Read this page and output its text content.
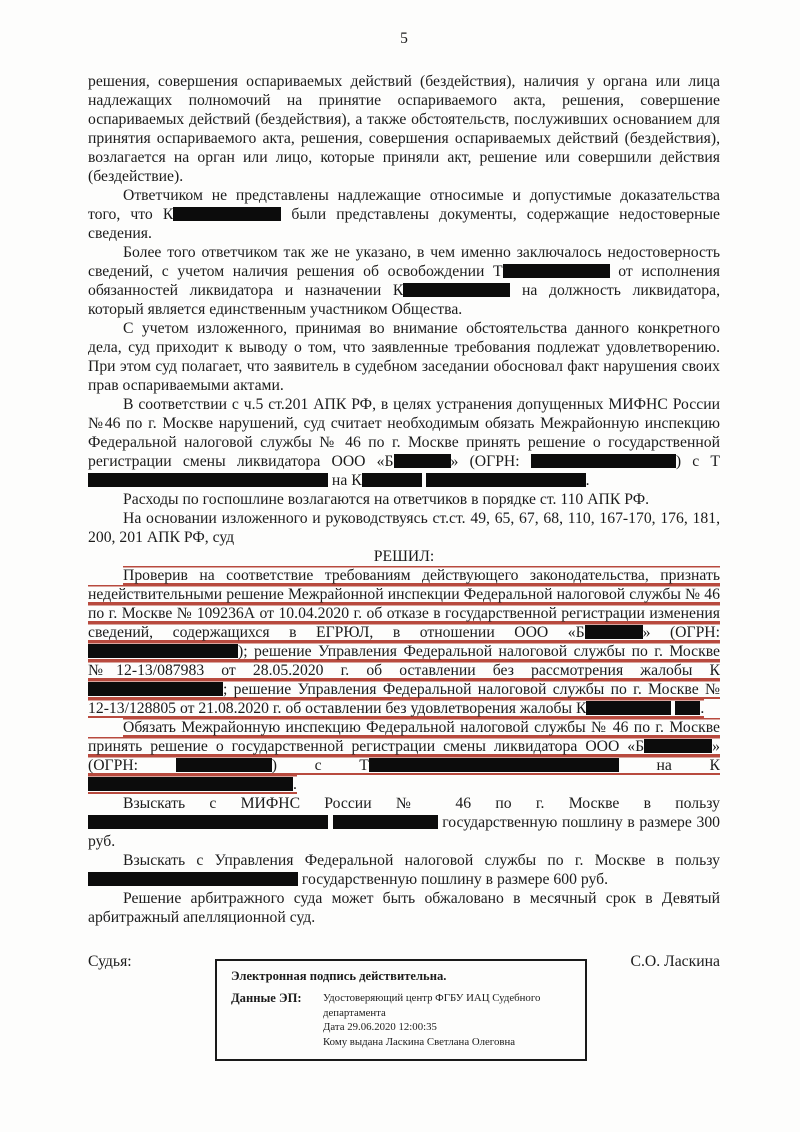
5

решения, совершения оспариваемых действий (бездействия), наличия у органа или лица надлежащих полномочий на принятие оспариваемого акта, решения, совершение оспариваемых действий (бездействия), а также обстоятельств, послуживших основанием для принятия оспариваемого акта, решения, совершения оспариваемых действий (бездействия), возлагается на орган или лицо, которые приняли акт, решение или совершили действия (бездействие).

Ответчиком не представлены надлежащие относимые и допустимые доказательства того, что К	были представлены документы, содержащие недостоверные сведения.

Более того ответчиком так же не указано, в чем именно заключалось недостоверность сведений, с учетом наличия решения об освобождении Т	от исполнения обязанностей ликвидатора и назначении К	на должность ликвидатора, который является единственным участником Общества.

С учетом изложенного, принимая во внимание обстоятельства данного конкретного дела, суд приходит к выводу о том, что заявленные требования подлежат удовлетворению. При этом суд полагает, что заявитель в судебном заседании обосновал факт нарушения своих прав оспариваемыми актами.

В соответствии с ч.5 ст.201 АПК РФ, в целях устранения допущенных МИФНС России №46 по г. Москве нарушений, суд считает необходимым обязать Межрайонную инспекцию Федеральной налоговой службы № 46 по г. Москве принять решение о государственной регистрации смены ликвидатора ООО «Б	» (ОГРН:	) с Т на К	.

Расходы по госпошлине возлагаются на ответчиков в порядке ст. 110 АПК РФ.

На основании изложенного и руководствуясь ст.ст. 49, 65, 67, 68, 110, 167-170, 176, 181, 200, 201 АПК РФ, суд

РЕШИЛ:

Проверив на соответствие требованиям действующего законодательства, признать недействительными решение Межрайонной инспекции Федеральной налоговой службы № 46 по г. Москве № 109236А от 10.04.2020 г. об отказе в государственной регистрации изменения сведений, содержащихся в ЕГРЮЛ, в отношении ООО «Б	» (ОГРН: ); решение Управления Федеральной налоговой службы по г. Москве №12-13/087983 от 28.05.2020 г. об оставлении без рассмотрения жалобы К; решение Управления Федеральной налоговой службы по г. Москве № 12-13/128805 от 21.08.2020 г. об оставлении без удовлетворения жалобы К	.

Обязать Межрайонную инспекцию Федеральной налоговой службы № 46 по г. Москве принять решение о государственной регистрации смены ликвидатора ООО «Б	» (ОГРН:	) с Т	на К.

Взыскать с МИФНС России № 46 по г. Москве в пользу   государственную пошлину в размере 300 руб.

Взыскать с Управления Федеральной налоговой службы по г. Москве в пользу  государственную пошлину в размере 600 руб.

Решение арбитражного суда может быть обжаловано в месячный срок в Девятый арбитражный апелляционной суд.

Судья:	С.О. Ласкина
Электронная подпись действительна.
Данные ЭП:	Удостоверяющий центр ФГБУ ИАЦ Судебного департамента
Дата 29.06.2020 12:00:35
Кому выдана Ласкина Светлана Олеговна
